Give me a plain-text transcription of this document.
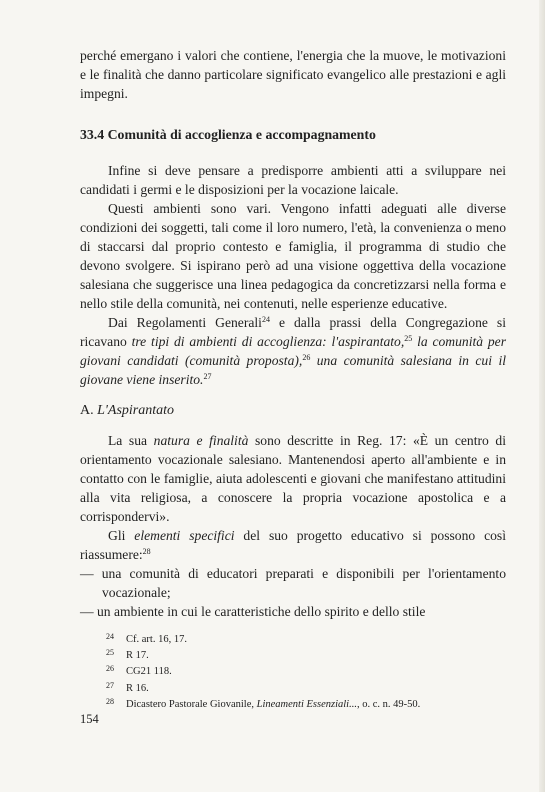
perché emergano i valori che contiene, l'energia che la muove, le motivazioni e le finalità che danno particolare significato evangelico alle prestazioni e agli impegni.

33.4 Comunità di accoglienza e accompagnamento

Infine si deve pensare a predisporre ambienti atti a sviluppare nei candidati i germi e le disposizioni per la vocazione laicale.

Questi ambienti sono vari. Vengono infatti adeguati alle diverse condizioni dei soggetti, tali come il loro numero, l'età, la convenienza o meno di staccarsi dal proprio contesto e famiglia, il programma di studio che devono svolgere. Si ispirano però ad una visione oggettiva della vocazione salesiana che suggerisce una linea pedagogica da concretizzarsi nella forma e nello stile della comunità, nei contenuti, nelle esperienze educative.

Dai Regolamenti Generali$^{24}$ e dalla prassi della Congregazione si ricavano tre tipi di ambienti di accoglienza: l'aspirantato,$^{25}$ la comunità per giovani candidati (comunità proposta),$^{26}$ una comunità salesiana in cui il giovane viene inserito.$^{27}$

A. L'Aspirantato

La sua natura e finalità sono descritte in Reg. 17: «È un centro di orientamento vocazionale salesiano. Mantenendosi aperto all'ambiente e in contatto con le famiglie, aiuta adolescenti e giovani che manifestano attitudini alla vita religiosa, a conoscere la propria vocazione apostolica e a corrispondervi».

Gli elementi specifici del suo progetto educativo si possono così riassumere:$^{28}$

— una comunità di educatori preparati e disponibili per l'orientamento vocazionale;

— un ambiente in cui le caratteristiche dello spirito e dello stile

24 Cf. art. 16, 17.

25 R 17.

26 CG21 118.

27 R 16.

28 Dicastero Pastorale Giovanile, Lineamenti Essenziali..., o. c. n. 49-50.

154
